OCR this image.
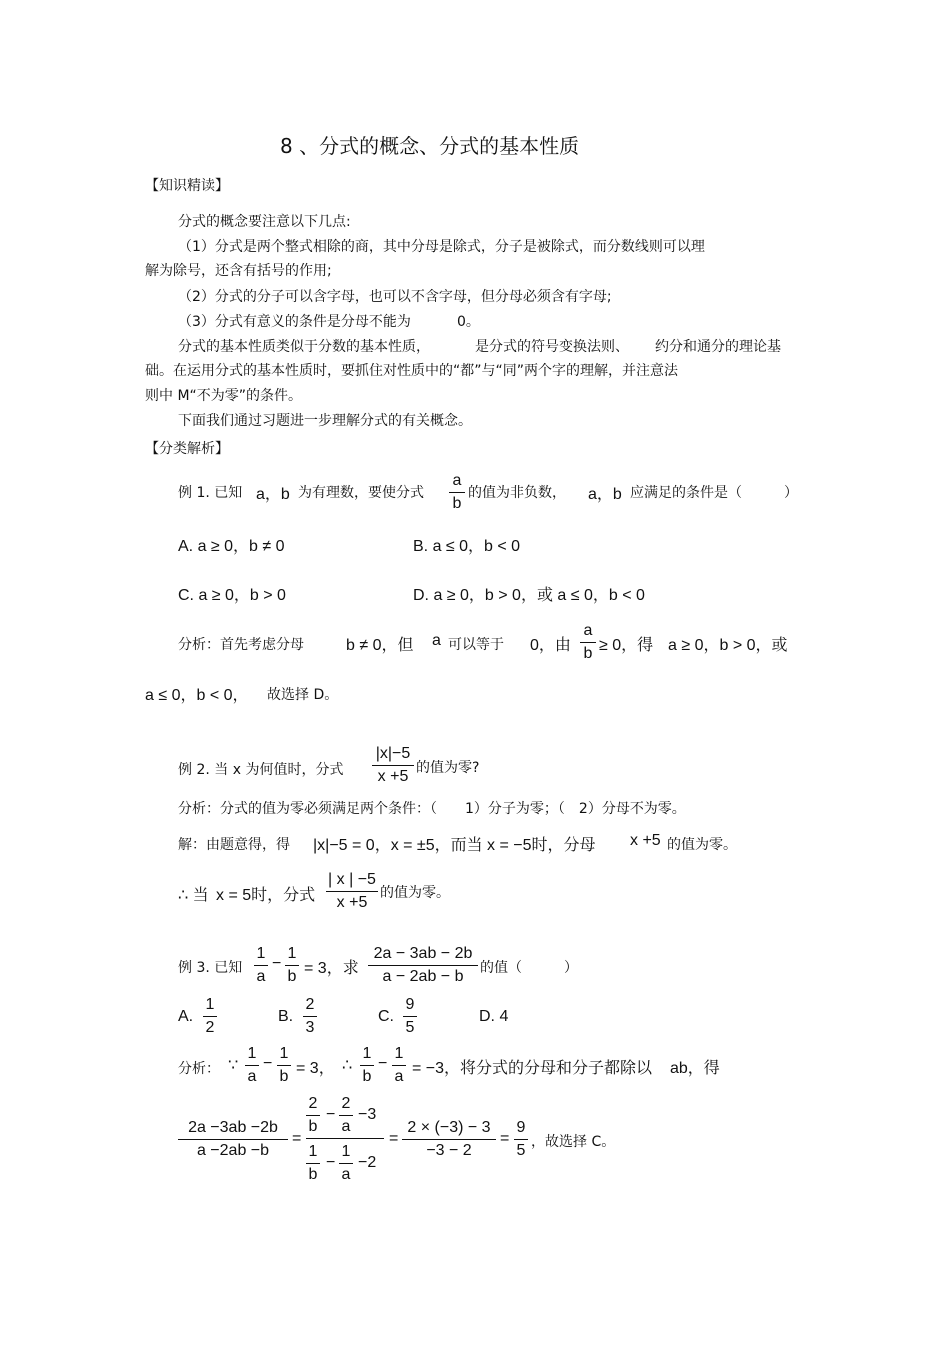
8 、分式的概念、分式的基本性质
【知识精读】
分式的概念要注意以下几点:
（1）分式是两个整式相除的商，其中分母是除式，分子是被除式，而分数线则可以理
解为除号，还含有括号的作用;
（2）分式的分子可以含字母，也可以不含字母，但分母必须含有字母;
（3）分式有意义的条件是分母不能为	0。
分式的基本性质类似于分数的基本性质，	是分式的符号变换法则、 约分和通分的理论基
础。在运用分式的基本性质时，要抓住对性质中的“都”与“同”两个字的理解，并注意法
则中 M“不为零”的条件。
下面我们通过习题进一步理解分式的有关概念。
【分类解析】
例 1. 已知 a，b 为有理数，要使分式
a
b
的值为非负数， a，b 应满足的条件是（　　　）
A. a ≥ 0，b ≠ 0	B. a ≤ 0，b < 0
C. a ≥ 0，b > 0	D. a ≥ 0，b > 0，或 a ≤ 0，b < 0
分析：首先考虑分母	b ≠ 0，但 a 可以等于 0，由
a
b ≥ 0，得 a ≥ 0，b > 0，或
a ≤ 0，b < 0， 故选择 D。
例 2. 当 x 为何值时，分式
|x|−5
x +5 的值为零?
分析：分式的值为零必须满足两个条件：（　　1）分子为零；（　2）分母不为零。
解：由题意得，得 |x|−5 = 0，x = ±5，而当 x = −5时，分母 x +5 的值为零。
∴ 当 x = 5时，分式
| x | −5
x +5
的值为零。
例 3. 已知
1
a
−
1
b = 3，求
2a − 3ab − 2b
a − 2ab − b	的值（　　　）
A.
1
2
B.
2
3
C.
9
5
D. 4
分析： ∵
1
a
−
1
b = 3， ∴
1
b
−
1
a = −3，将分式的分母和分子都除以 ab，得
2a −3ab −2b
a −2ab −b
=
2
b
−
2
a
−3
1
b
−
1
a
−2
=
2 × (−3) − 3
−3 − 2
=
9
5 ，故选择 C。
